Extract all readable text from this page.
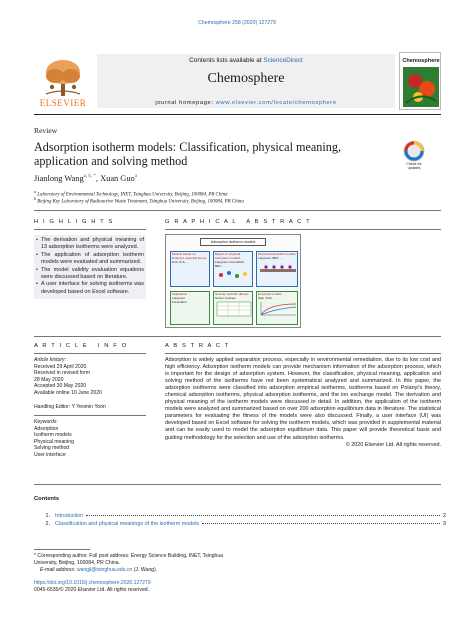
Chemosphere 258 (2020) 127279
ELSEVIER
Contents lists available at ScienceDirect
Chemosphere
journal homepage: www.elsevier.com/locate/chemosphere
Chemosphere
Review
Adsorption isotherm models: Classification, physical meaning, application and solving method	Check for
updates
Jianlong Wang$^{a, b, *}$, Xuan Guo$^a$
$^a$ Laboratory of Environmental Technology, INET, Tsinghua University, Beijing, 100084, PR China
$^b$ Beijing Key Laboratory of Radioactive Waste Treatment, Tsinghua University, Beijing, 100084, PR China
H I G H L I G H T S
• The derivation and physical meaning of 13 adsorption isotherms were analyzed.
• The application of adsorption isotherm models were evaluated and summarized.
• The model validity evaluation equations were discussed based on literature.
• A user interface for solving isotherms was developed based on Excel software.
G R A P H I C A L   A B S T R A C T
Adsorption isotherm models
Models based on Polanyi's potential theory
D-R, D-A, ...
Based on physical adsorption models
Langmuir, Freundlich, BET, ...
Physical adsorption models
Langmuir, BET, ...
Application
Langmuir
Freundlich
Solving methods (Excel)
Solver, Frames
Empirical models
Sips, Toth, ...
A R T I C L E   I N F O
Article history:
Received 29 April 2020
Received in revised form
28 May 2020
Accepted 30 May 2020
Available online 10 June 2020
Handling Editor: Y Yeomin Yoon
Keywords:
Adsorption
Isotherm models
Physical meaning
Solving method
User interface
A B S T R A C T

Adsorption is widely applied separation process, especially in environmental remediation, due to its low cost and high efficiency. Adsorption isotherm models can provide mechanism information of the adsorption process, which is important for the design of adsorption system. However, the classification, physical meaning, application and solving method of the isotherms have not been systematical analyzed and summarized. In this paper, the adsorption isotherms were classified into adsorption empirical isotherms, isotherms based on Polanyi's theory, chemical adsorption isotherms, physical adsorption isotherms, and the ion exchange model. The derivation and physical meaning of the isotherm models were discussed in detail. In addition, the application of the isotherm models were analyzed and summarized based on over 200 adsorption equilibrium data in literature. The statistical parameters for evaluating the fitness of the models were also discussed. Finally, a user interface (UI) was developed based on Excel software for solving the isotherm models, which was provided in supplemental material and can be easily used to model the adsorption equilibrium data. This paper will provide theoretical basis and guiding methodology for the selection and use of the adsorption isotherms.

© 2020 Elsevier Ltd. All rights reserved.

Contents
1. Introduction	2
2. Classification and physical meanings of the isotherm models	3
* Corresponding author. Full post address: Energy Science Building, INET, Tsinghua University, Beijing, 100084, PR China.
E-mail address: wangjl@tsinghua.edu.cn (J. Wang).
https://doi.org/10.1016/j.chemosphere.2020.127279
0045-6535/© 2020 Elsevier Ltd. All rights reserved.
